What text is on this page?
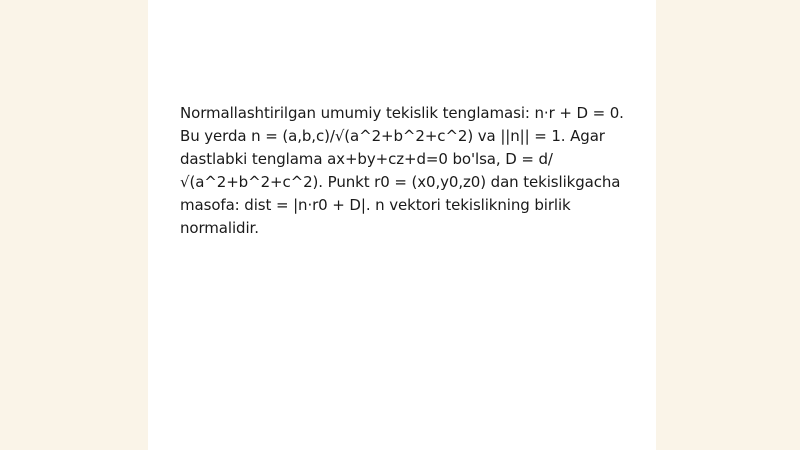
Normallashtirilgan umumiy tekislik tenglamasi: n·r + D = 0. Bu yerda n = (a,b,c)/√(a^2+b^2+c^2) va ||n|| = 1. Agar dastlabki tenglama ax+by+cz+d=0 bo'lsa, D = d/√(a^2+b^2+c^2). Punkt r0 = (x0,y0,z0) dan tekislikgacha masofa: dist = |n·r0 + D|. n vektori tekislikning birlik normalidir.
